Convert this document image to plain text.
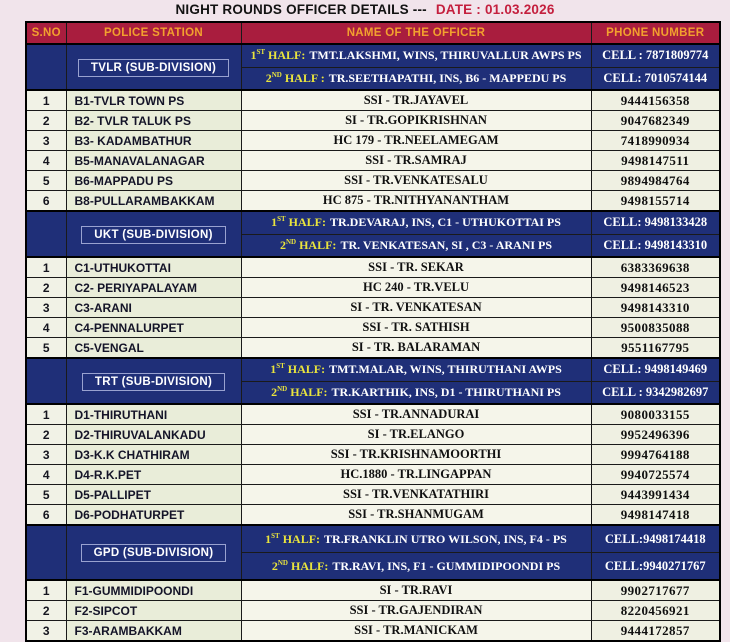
NIGHT ROUNDS OFFICER DETAILS --- DATE : 01.03.2026
S.NO	POLICE STATION	NAME OF THE OFFICER	PHONE NUMBER
	TVLR (SUB-DIVISION)	1ST HALF: TMT.LAKSHMI, WINS, THIRUVALLUR AWPS PS	CELL : 7871809774
		2ND HALF : TR.SEETHAPATHI, INS, B6 - MAPPEDU PS	CELL: 7010574144
1	B1-TVLR TOWN PS	SSI - TR.JAYAVEL	9444156358
2	B2- TVLR TALUK PS	SI - TR.GOPIKRISHNAN	9047682349
3	B3- KADAMBATHUR	HC 179 - TR.NEELAMEGAM	7418990934
4	B5-MANAVALANAGAR	SSI - TR.SAMRAJ	9498147511
5	B6-MAPPADU PS	SSI - TR.VENKATESALU	9894984764
6	B8-PULLARAMBAKKAM	HC 875 - TR.NITHYANANTHAM	9498155714
	UKT (SUB-DIVISION)	1ST HALF: TR.DEVARAJ, INS, C1 - UTHUKOTTAI PS	CELL: 9498133428
		2ND HALF: TR. VENKATESAN, SI , C3 - ARANI PS	CELL: 9498143310
1	C1-UTHUKOTTAI	SSI - TR. SEKAR	6383369638
2	C2- PERIYAPALAYAM	HC 240 - TR.VELU	9498146523
3	C3-ARANI	SI - TR. VENKATESAN	9498143310
4	C4-PENNALURPET	SSI - TR. SATHISH	9500835088
5	C5-VENGAL	SI - TR. BALARAMAN	9551167795
	TRT (SUB-DIVISION)	1ST HALF: TMT.MALAR, WINS, THIRUTHANI AWPS	CELL: 9498149469
		2ND HALF: TR.KARTHIK, INS, D1 - THIRUTHANI PS	CELL : 9342982697
1	D1-THIRUTHANI	SSI - TR.ANNADURAI	9080033155
2	D2-THIRUVALANKADU	SI - TR.ELANGO	9952496396
3	D3-K.K CHATHIRAM	SSI - TR.KRISHNAMOORTHI	9994764188
4	D4-R.K.PET	HC.1880 - TR.LINGAPPAN	9940725574
5	D5-PALLIPET	SSI - TR.VENKATATHIRI	9443991434
6	D6-PODHATURPET	SSI - TR.SHANMUGAM	9498147418
	GPD (SUB-DIVISION)	1ST HALF: TR.FRANKLIN UTRO WILSON, INS, F4 - PS	CELL:9498174418
		2ND HALF: TR.RAVI, INS, F1 - GUMMIDIPOONDI PS	CELL:9940271767
1	F1-GUMMIDIPOONDI	SI - TR.RAVI	9902717677
2	F2-SIPCOT	SSI - TR.GAJENDIRAN	8220456921
3	F3-ARAMBAKKAM	SSI - TR.MANICKAM	9444172857
